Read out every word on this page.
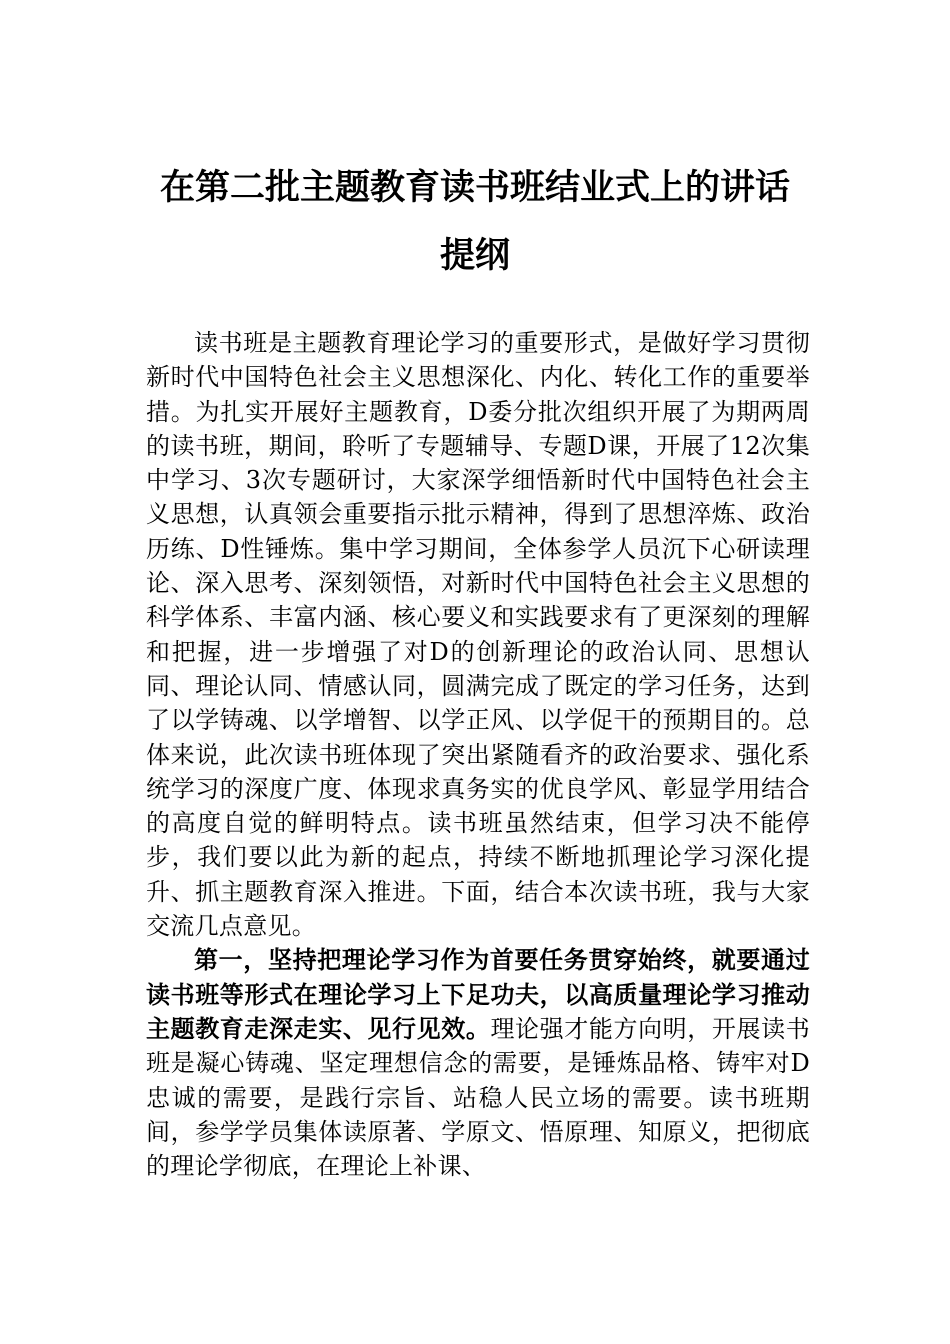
在第二批主题教育读书班结业式上的讲话
提纲

读书班是主题教育理论学习的重要形式，是做好学习贯彻新时代中国特色社会主义思想深化、内化、转化工作的重要举措。为扎实开展好主题教育，D委分批次组织开展了为期两周的读书班，期间，聆听了专题辅导、专题D课，开展了12次集中学习、3次专题研讨，大家深学细悟新时代中国特色社会主义思想，认真领会重要指示批示精神，得到了思想淬炼、政治历练、D性锤炼。集中学习期间，全体参学人员沉下心研读理论、深入思考、深刻领悟，对新时代中国特色社会主义思想的科学体系、丰富内涵、核心要义和实践要求有了更深刻的理解和把握，进一步增强了对D的创新理论的政治认同、思想认同、理论认同、情感认同，圆满完成了既定的学习任务，达到了以学铸魂、以学增智、以学正风、以学促干的预期目的。总体来说，此次读书班体现了突出紧随看齐的政治要求、强化系统学习的深度广度、体现求真务实的优良学风、彰显学用结合的高度自觉的鲜明特点。读书班虽然结束，但学习决不能停步，我们要以此为新的起点，持续不断地抓理论学习深化提升、抓主题教育深入推进。下面，结合本次读书班，我与大家交流几点意见。

第一，坚持把理论学习作为首要任务贯穿始终，就要通过读书班等形式在理论学习上下足功夫，以高质量理论学习推动主题教育走深走实、见行见效。理论强才能方向明，开展读书班是凝心铸魂、坚定理想信念的需要，是锤炼品格、铸牢对D忠诚的需要，是践行宗旨、站稳人民立场的需要。读书班期间，参学学员集体读原著、学原文、悟原理、知原义，把彻底的理论学彻底，在理论上补课、
